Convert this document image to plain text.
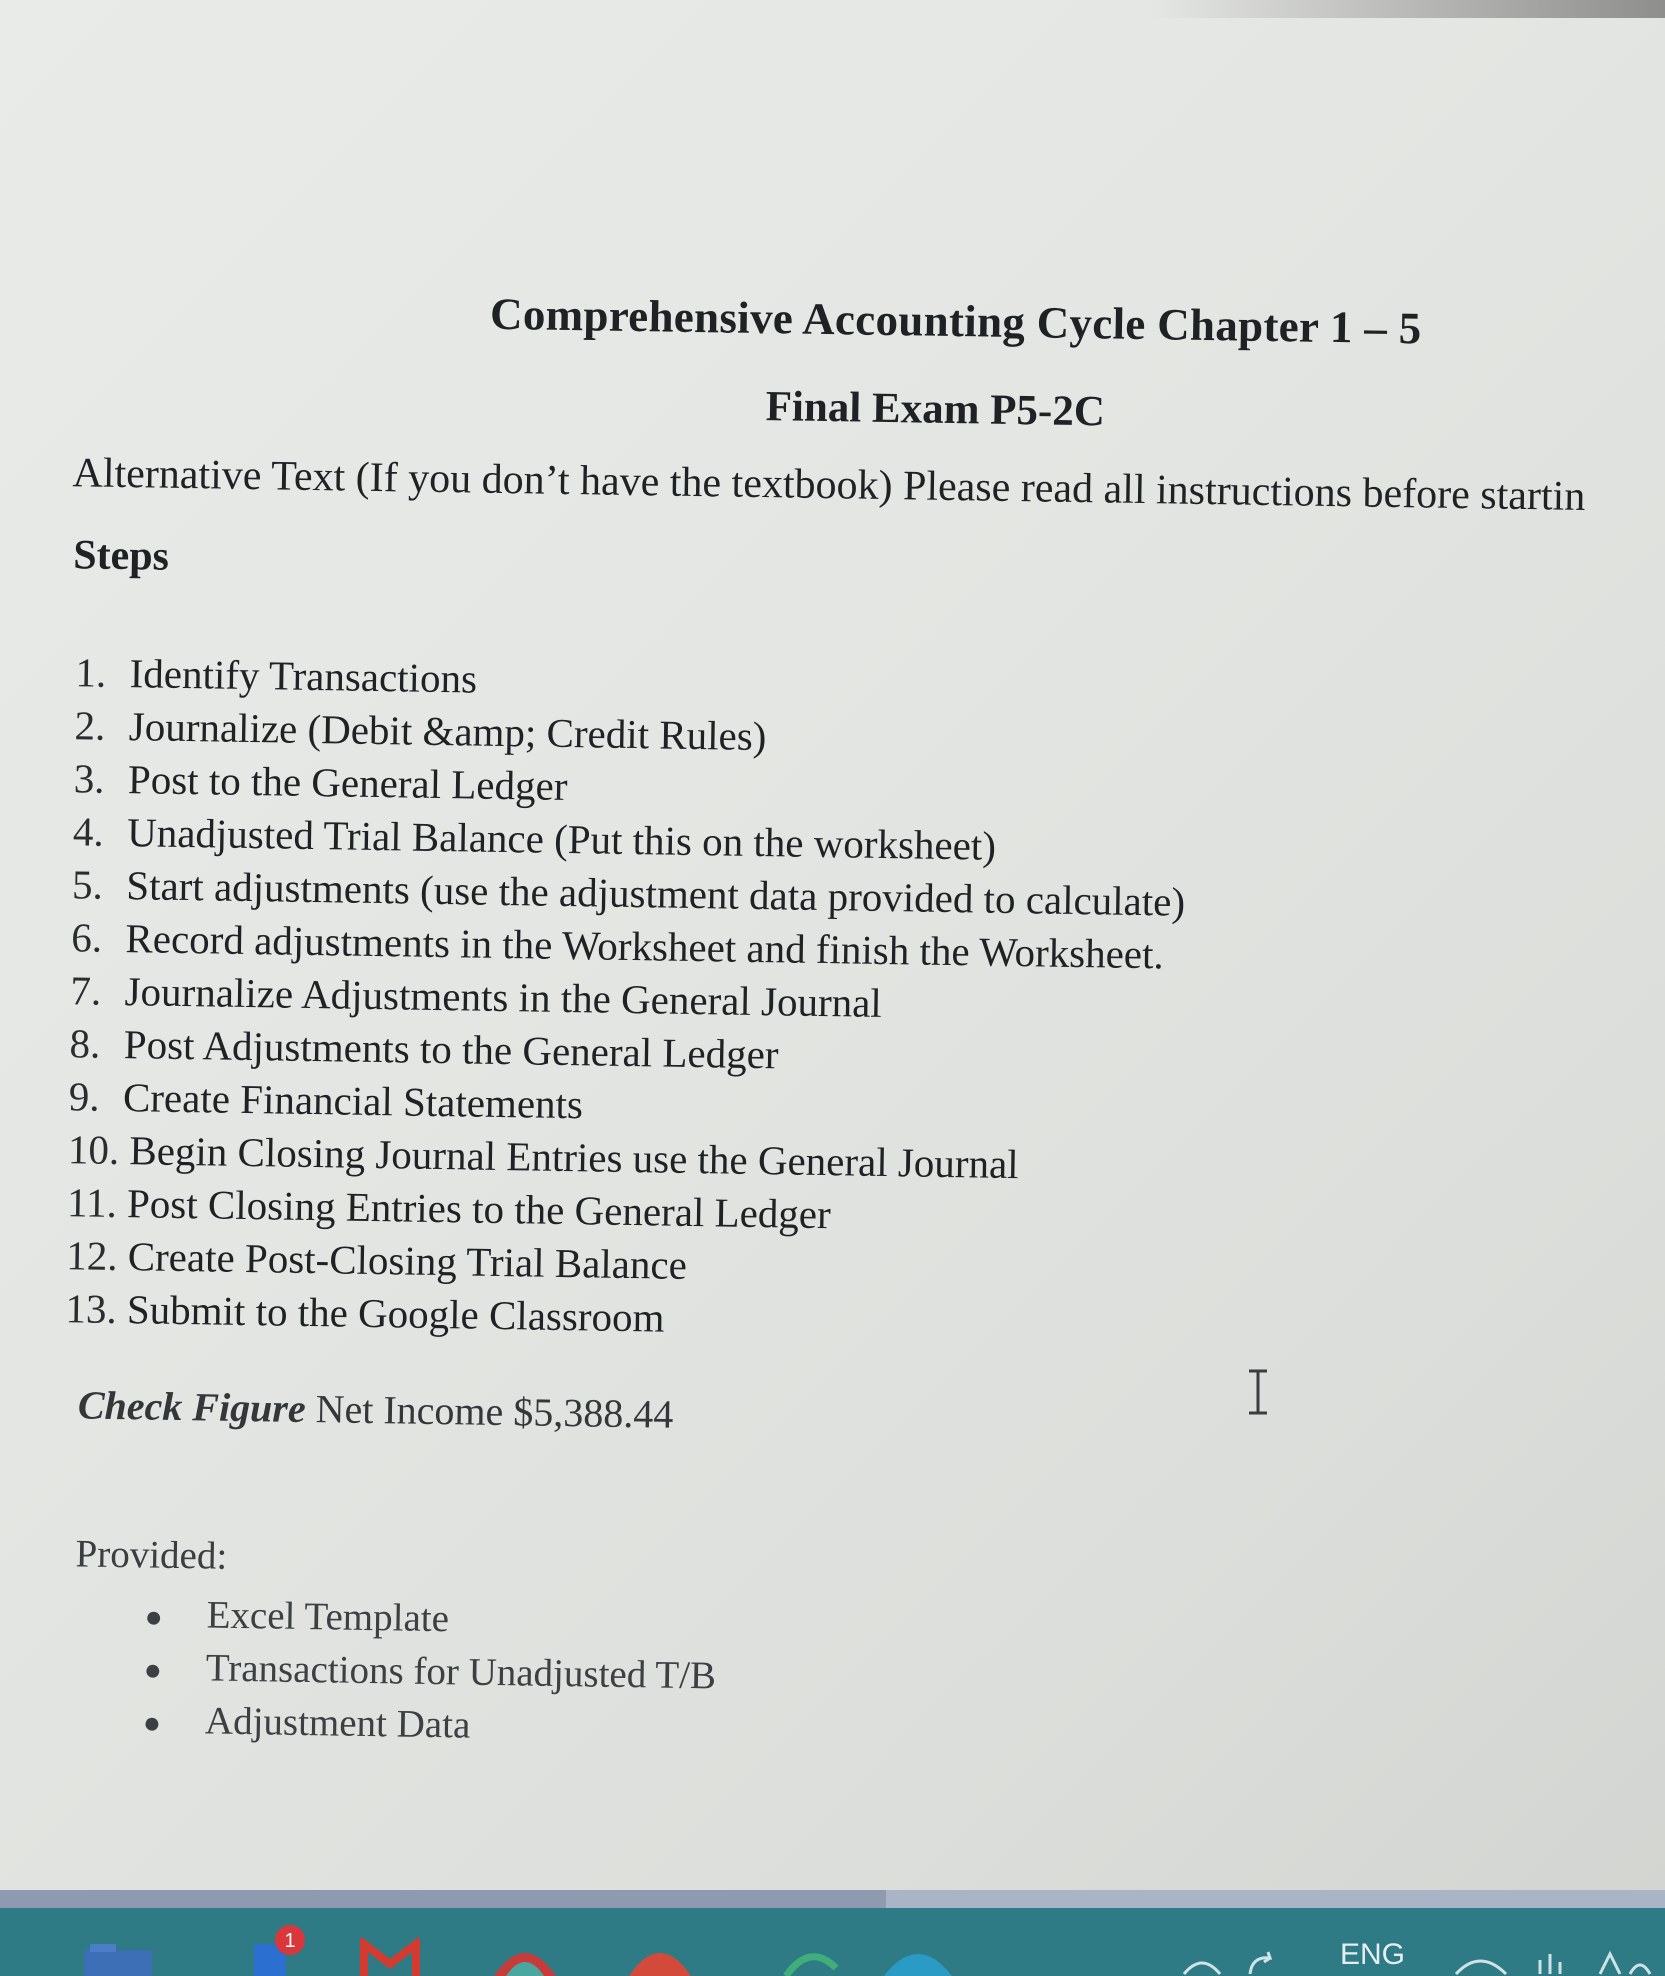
Comprehensive Accounting Cycle Chapter 1 – 5
Final Exam P5-2C
Alternative Text (If you don’t have the textbook) Please read all instructions before startin
Steps
1. Identify Transactions
2. Journalize (Debit &amp; Credit Rules)
3. Post to the General Ledger
4. Unadjusted Trial Balance (Put this on the worksheet)
5. Start adjustments (use the adjustment data provided to calculate)
6. Record adjustments in the Worksheet and finish the Worksheet.
7. Journalize Adjustments in the General Journal
8. Post Adjustments to the General Ledger
9. Create Financial Statements
10. Begin Closing Journal Entries use the General Journal
11. Post Closing Entries to the General Ledger
12. Create Post-Closing Trial Balance
13. Submit to the Google Classroom
Check Figure Net Income $5,388.44
Provided:
● Excel Template
● Transactions for Unadjusted T/B
● Adjustment Data
1	ENG
